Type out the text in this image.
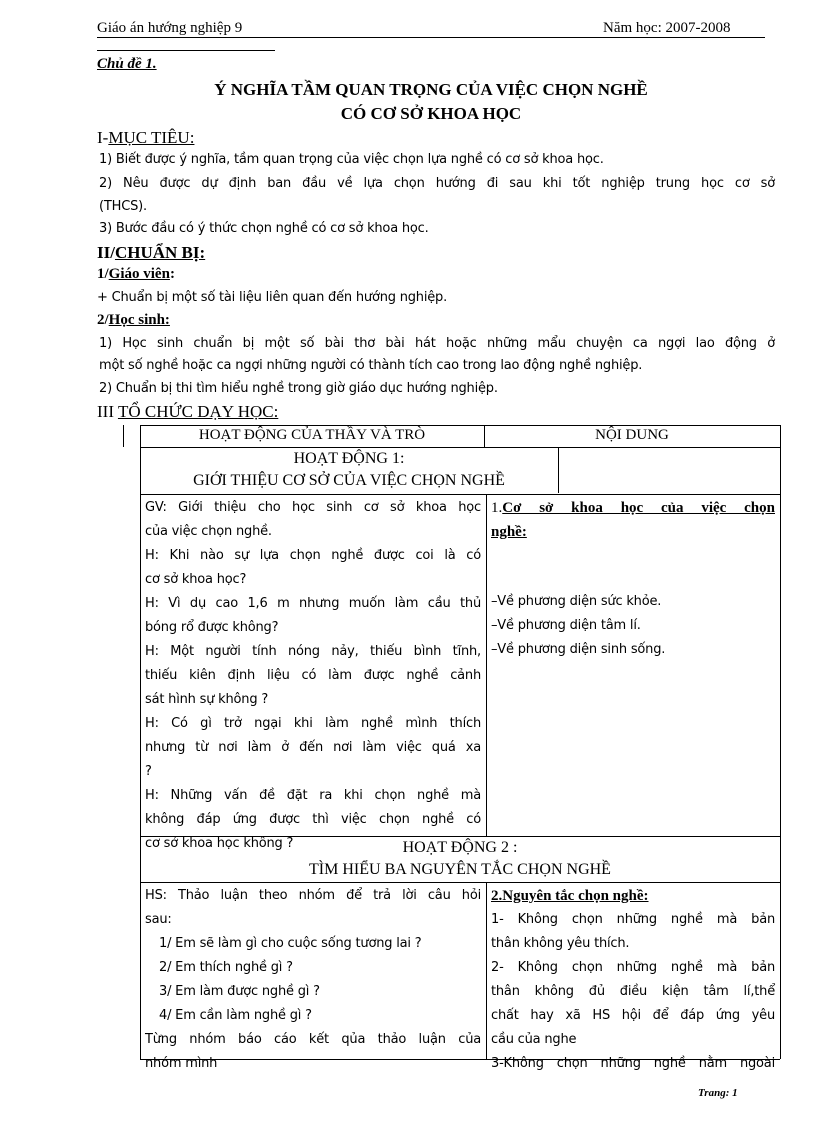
Giáo án hướng nghiệp 9	Năm học: 2007-2008
Chủ đề 1.
Ý NGHĨA TẦM QUAN TRỌNG CỦA VIỆC CHỌN NGHỀ
CÓ CƠ SỞ KHOA HỌC
I-MỤC TIÊU:
1) Biết được ý nghĩa, tầm quan trọng của việc chọn lựa nghề có cơ sở khoa học.
2) Nêu được dự định ban đầu về lựa chọn hướng đi sau khi tốt nghiệp trung học cơ sở
(THCS).
3) Bước đầu có ý thức chọn nghề có cơ sở khoa học.
II/CHUẨN BỊ:
1/Giáo viên:
+ Chuẩn bị một số tài liệu liên quan đến hướng nghiệp.
2/Học sinh:
1) Học sinh chuẩn bị một số bài thơ bài hát hoặc những mẩu chuyện ca ngợi lao động ở
một số nghề hoặc ca ngợi những người có thành tích cao trong lao động nghề nghiệp.
2) Chuẩn bị thi tìm hiểu nghề trong giờ giáo dục hướng nghiệp.
III TỔ CHỨC DẠY HỌC:
HOẠT ĐỘNG CỦA THẦY VÀ TRÒ	NỘI DUNG
HOẠT ĐỘNG 1:
GIỚI THIỆU CƠ SỞ CỦA VIỆC CHỌN NGHỀ
GV: Giới thiệu cho học sinh cơ sở khoa học
của việc chọn nghề.
H: Khi nào sự lựa chọn nghề được coi là có
cơ sở khoa học?
H: Vì dụ cao 1,6 m nhưng muốn làm cầu thủ
bóng rổ được không?
H: Một người tính nóng nảy, thiếu bình tĩnh,
thiếu kiên định liệu có làm được nghề cảnh
sát hình sự không ?
H: Có gì trở ngại khi làm nghề mình thích
nhưng từ nơi làm ở đến nơi làm việc quá xa
?
H: Những vấn đề đặt ra khi chọn nghề mà
không đáp ứng được thì việc chọn nghề có
cơ sở khoa học không ?
1.Cơ sở khoa học của việc chọn
nghề:
–Về phương diện sức khỏe.
–Về phương diện tâm lí.
–Về phương diện sinh sống.
HOẠT ĐỘNG 2 :
TÌM HIỂU BA NGUYÊN TẮC CHỌN NGHỀ
HS: Thảo luận theo nhóm để trả lời câu hỏi
sau:
1/ Em sẽ làm gì cho cuộc sống tương lai ?
2/ Em thích nghề gì ?
3/ Em làm được nghề gì ?
4/ Em cần làm nghề gì ?
Từng nhóm báo cáo kết qủa thảo luận của
nhóm mình
2.Nguyên tắc chọn nghề:
1- Không chọn những nghề mà bản
thân không yêu thích.
2- Không chọn những nghề mà bản
thân không đủ điều kiện tâm lí,thể
chất hay xã HS hội để đáp ứng yêu
cầu của nghe
3-Không chọn những nghề nằm ngoài
Trang: 1
